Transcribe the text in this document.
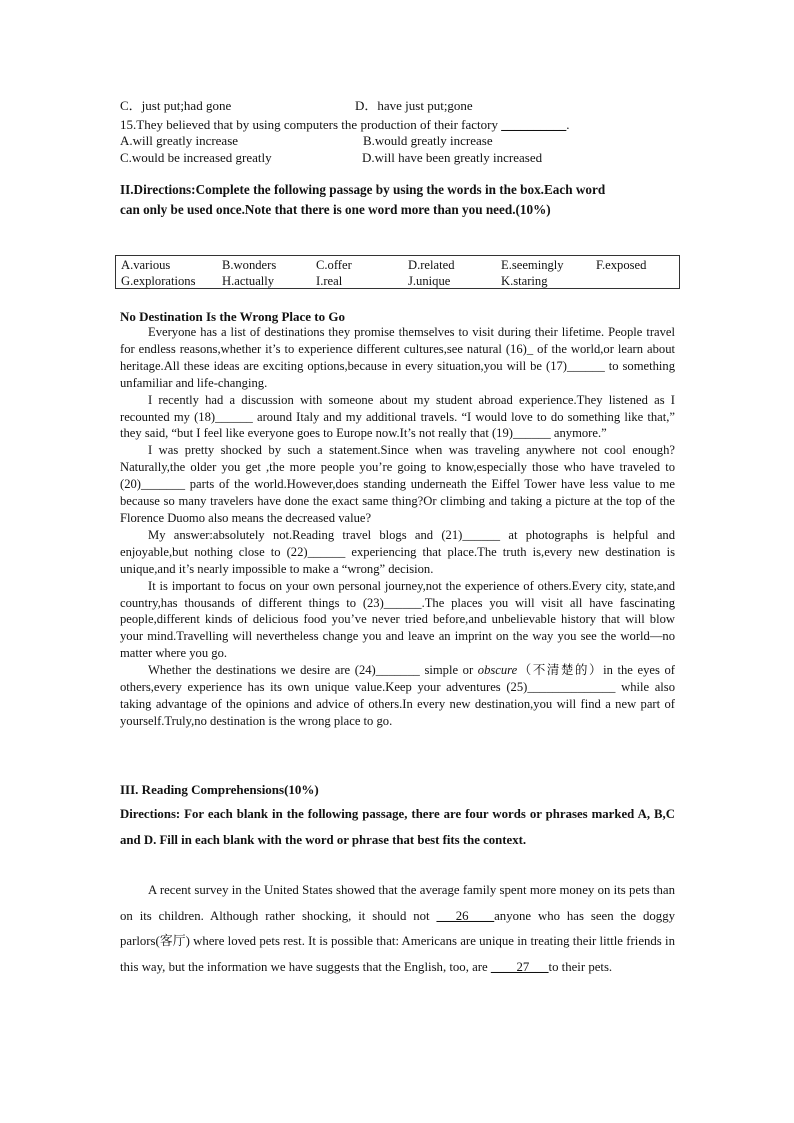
C．just put;had gone	D．have just put;gone
15.They believed that by using computers the production of their factory __________.
A.will greatly increase	B.would greatly increase
C.would be increased greatly	D.will have been greatly increased
II.Directions:Complete the following passage by using the words in the box.Each word
can only be used once.Note that there is one word more than you need.(10%)
A.various	B.wonders	C.offer	D.related	E.seemingly	F.exposed
G.explorations H.actually	I.real	J.unique	K.staring
No Destination Is the Wrong Place to Go

Everyone has a list of destinations they promise themselves to visit during their lifetime. People travel for endless reasons,whether it’s to experience different cultures,see natural (16)_ of the world,or learn about heritage.All these ideas are exciting options,because in every situation,you will be (17)______ to something unfamiliar and life-changing.

I recently had a discussion with someone about my student abroad experience.They listened as I recounted my (18)______ around Italy and my additional travels. “I would love to do something like that,” they said, “but I feel like everyone goes to Europe now.It’s not really that (19)______ anymore.”

I was pretty shocked by such a statement.Since when was traveling anywhere not cool enough?Naturally,the older you get ,the more people you’re going to know,especially those who have traveled to (20)_______ parts of the world.However,does standing underneath the Eiffel Tower have less value to me because so many travelers have done the exact same thing?Or climbing and taking a picture at the top of the Florence Duomo also means the decreased value?

My answer:absolutely not.Reading travel blogs and (21)______ at photographs is helpful and enjoyable,but nothing close to (22)______ experiencing that place.The truth is,every new destination is unique,and it’s nearly impossible to make a “wrong” decision.

It is important to focus on your own personal journey,not the experience of others.Every city, state,and country,has thousands of different things to (23)______.The places you will visit all have fascinating people,different kinds of delicious food you’ve never tried before,and unbelievable history that will blow your mind.Travelling will nevertheless change you and leave an imprint on the way you see the world—no matter where you go.

Whether the destinations we desire are (24)_______ simple or obscure（不清楚的）in the eyes of others,every experience has its own unique value.Keep your adventures (25)______________ while also taking advantage of the opinions and advice of others.In every new destination,you will find a new part of yourself.Truly,no destination is the wrong place to go.

III. Reading Comprehensions(10%)

Directions: For each blank in the following passage, there are four words or phrases marked A, B,C and D. Fill in each blank with the word or phrase that best fits the context.

A recent survey in the United States showed that the average family spent more money on its pets than on its children. Although rather shocking, it should not ___26____anyone who has seen the doggy parlors(客厅) where loved pets rest. It is possible that: Americans are unique in treating their little friends in this way, but the information we have suggests that the English, too, are ____27___to their pets.
